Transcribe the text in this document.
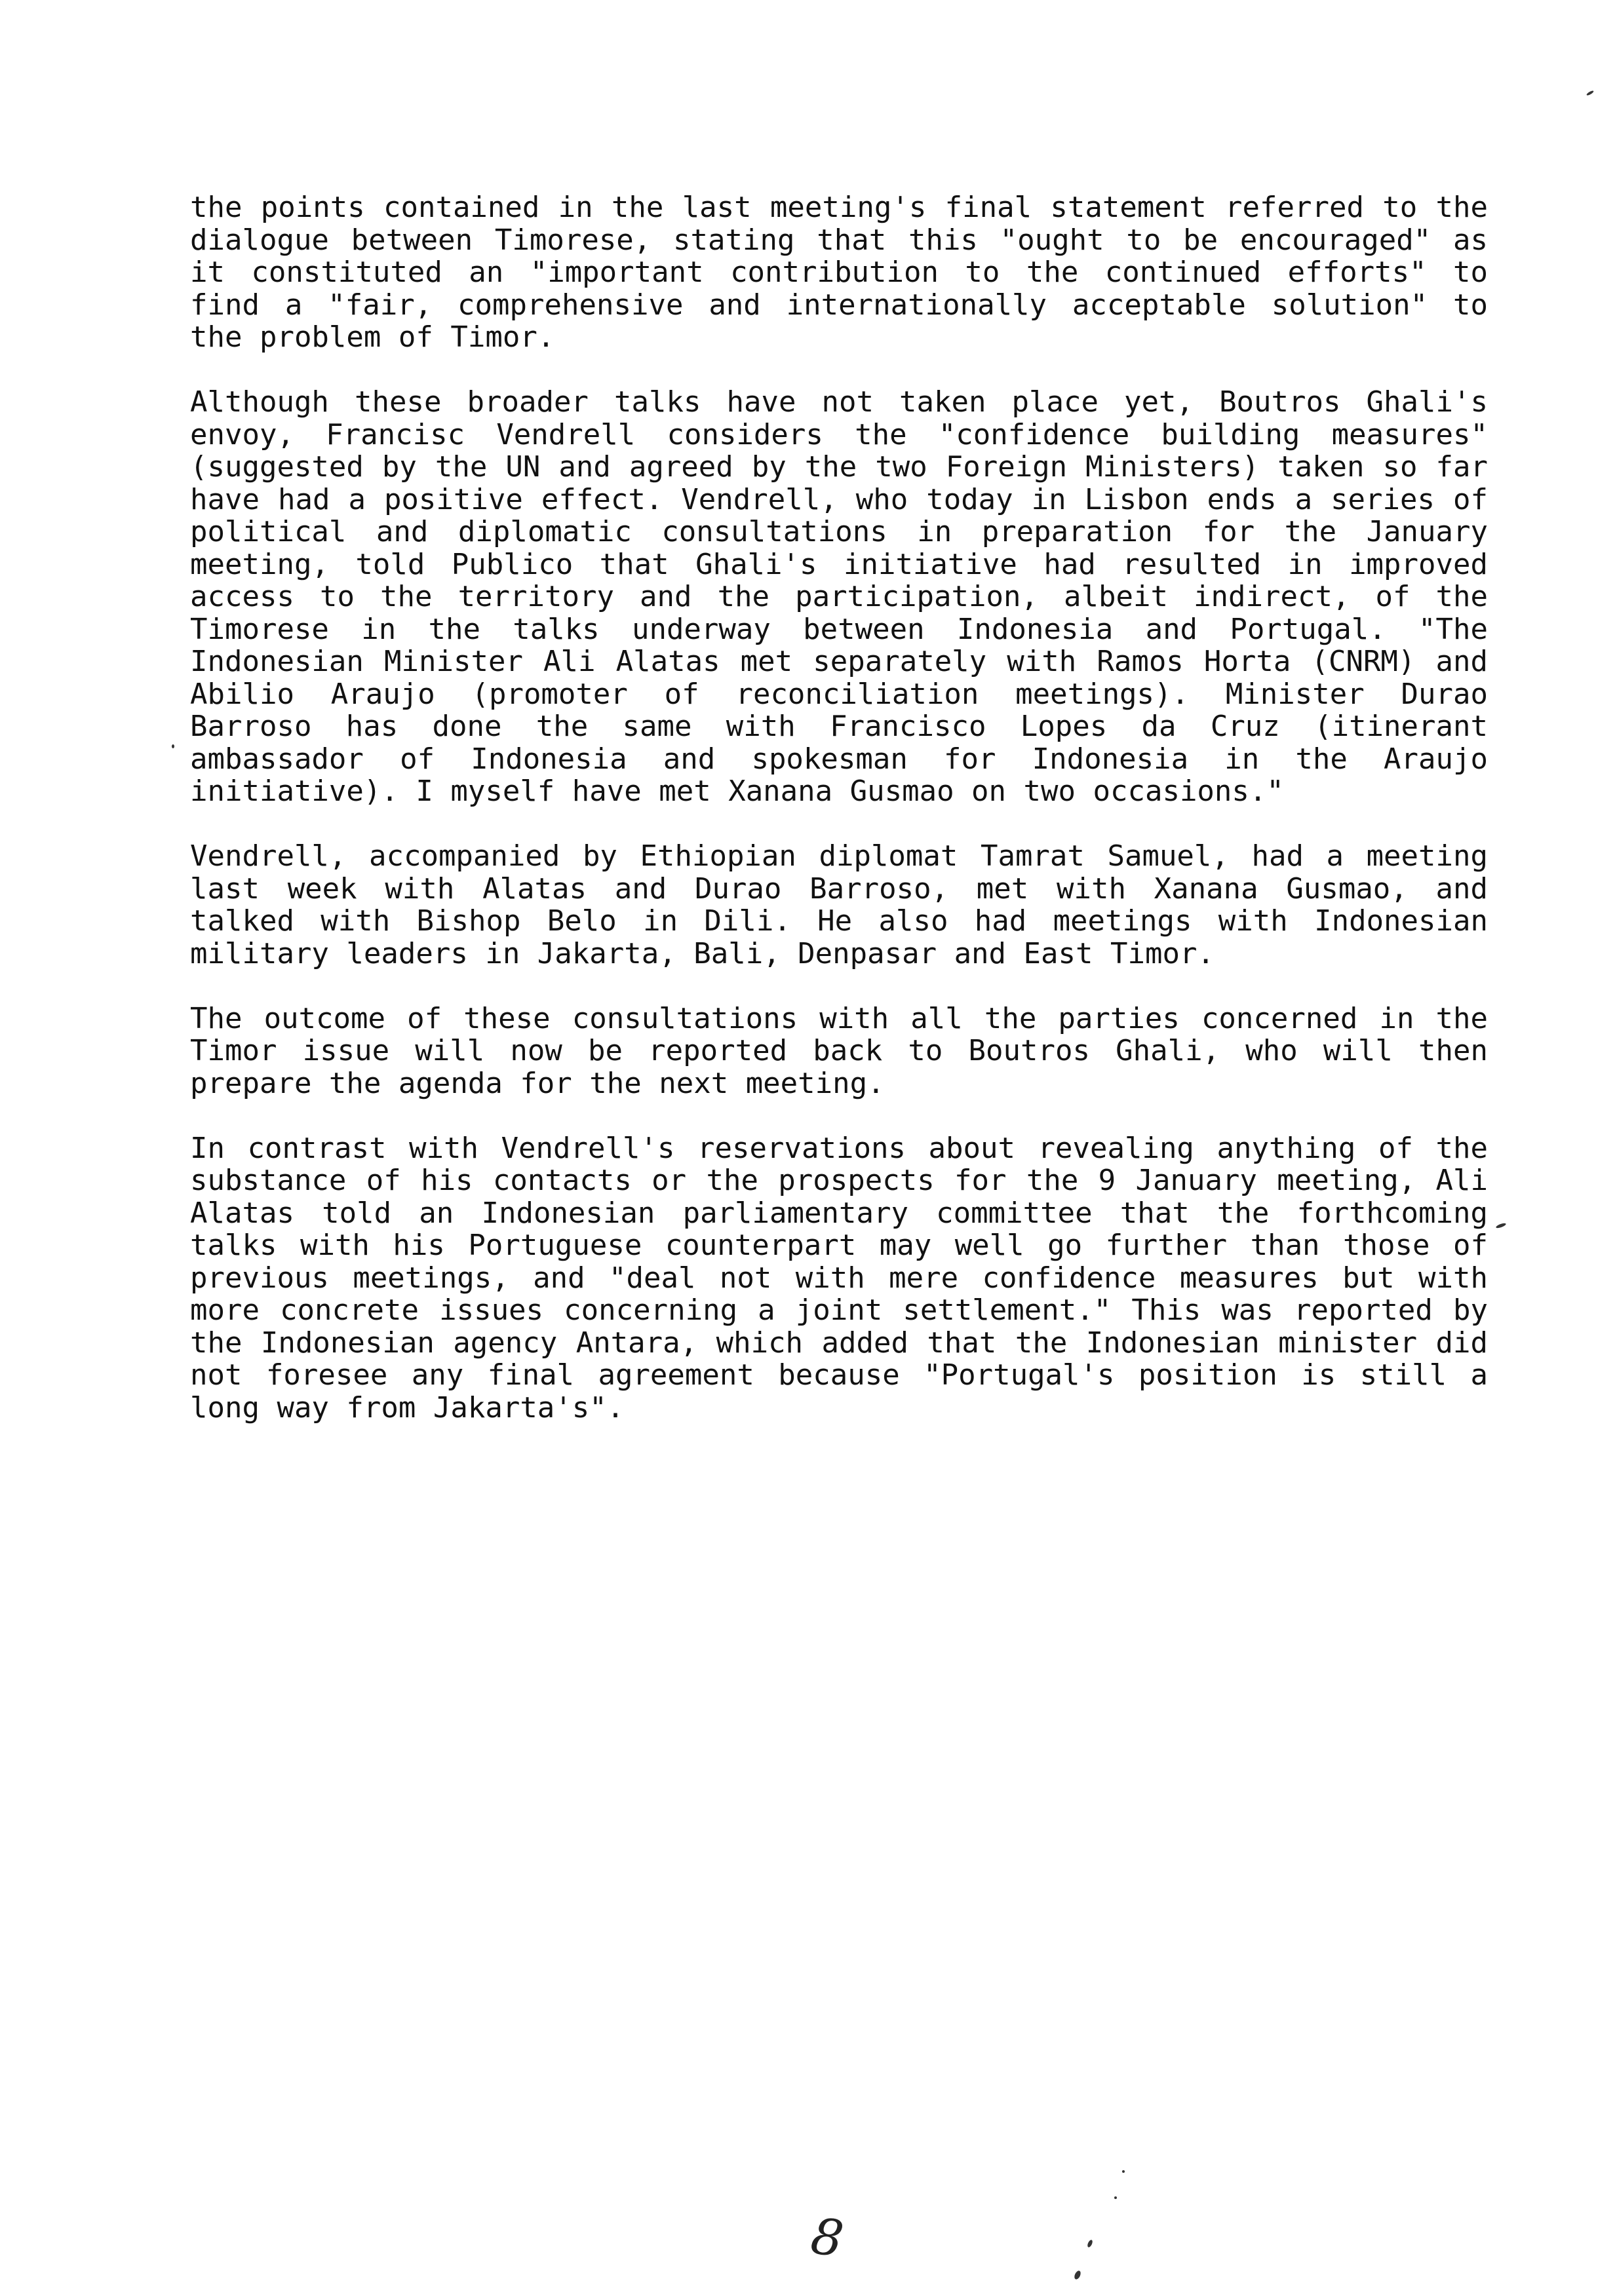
the points contained in the last meeting's final statement referred to the dialogue between Timorese, stating that this "ought to be encouraged" as it constituted an "important contribution to the continued efforts" to find a "fair, comprehensive and internationally acceptable solution" to the problem of Timor.

Although these broader talks have not taken place yet, Boutros Ghali's envoy, Francisc Vendrell considers the "confidence building measures" (suggested by the UN and agreed by the two Foreign Ministers) taken so far have had a positive effect. Vendrell, who today in Lisbon ends a series of political and diplomatic consultations in preparation for the January meeting, told Publico that Ghali's initiative had resulted in improved access to the territory and the participation, albeit indirect, of the Timorese in the talks underway between Indonesia and Portugal. "The Indonesian Minister Ali Alatas met separately with Ramos Horta (CNRM) and Abilio Araujo (promoter of reconciliation meetings). Minister Durao Barroso has done the same with Francisco Lopes da Cruz (itinerant ambassador of Indonesia and spokesman for Indonesia in the Araujo initiative). I myself have met Xanana Gusmao on two occasions."

Vendrell, accompanied by Ethiopian diplomat Tamrat Samuel, had a meeting last week with Alatas and Durao Barroso, met with Xanana Gusmao, and talked with Bishop Belo in Dili. He also had meetings with Indonesian military leaders in Jakarta, Bali, Denpasar and East Timor.

The outcome of these consultations with all the parties concerned in the Timor issue will now be reported back to Boutros Ghali, who will then prepare the agenda for the next meeting.

In contrast with Vendrell's reservations about revealing anything of the substance of his contacts or the prospects for the 9 January meeting, Ali Alatas told an Indonesian parliamentary committee that the forthcoming talks with his Portuguese counterpart may well go further than those of previous meetings, and "deal not with mere confidence measures but with more concrete issues concerning a joint settlement." This was reported by the Indonesian agency Antara, which added that the Indonesian minister did not foresee any final agreement because "Portugal's position is still a long way from Jakarta's".

8
